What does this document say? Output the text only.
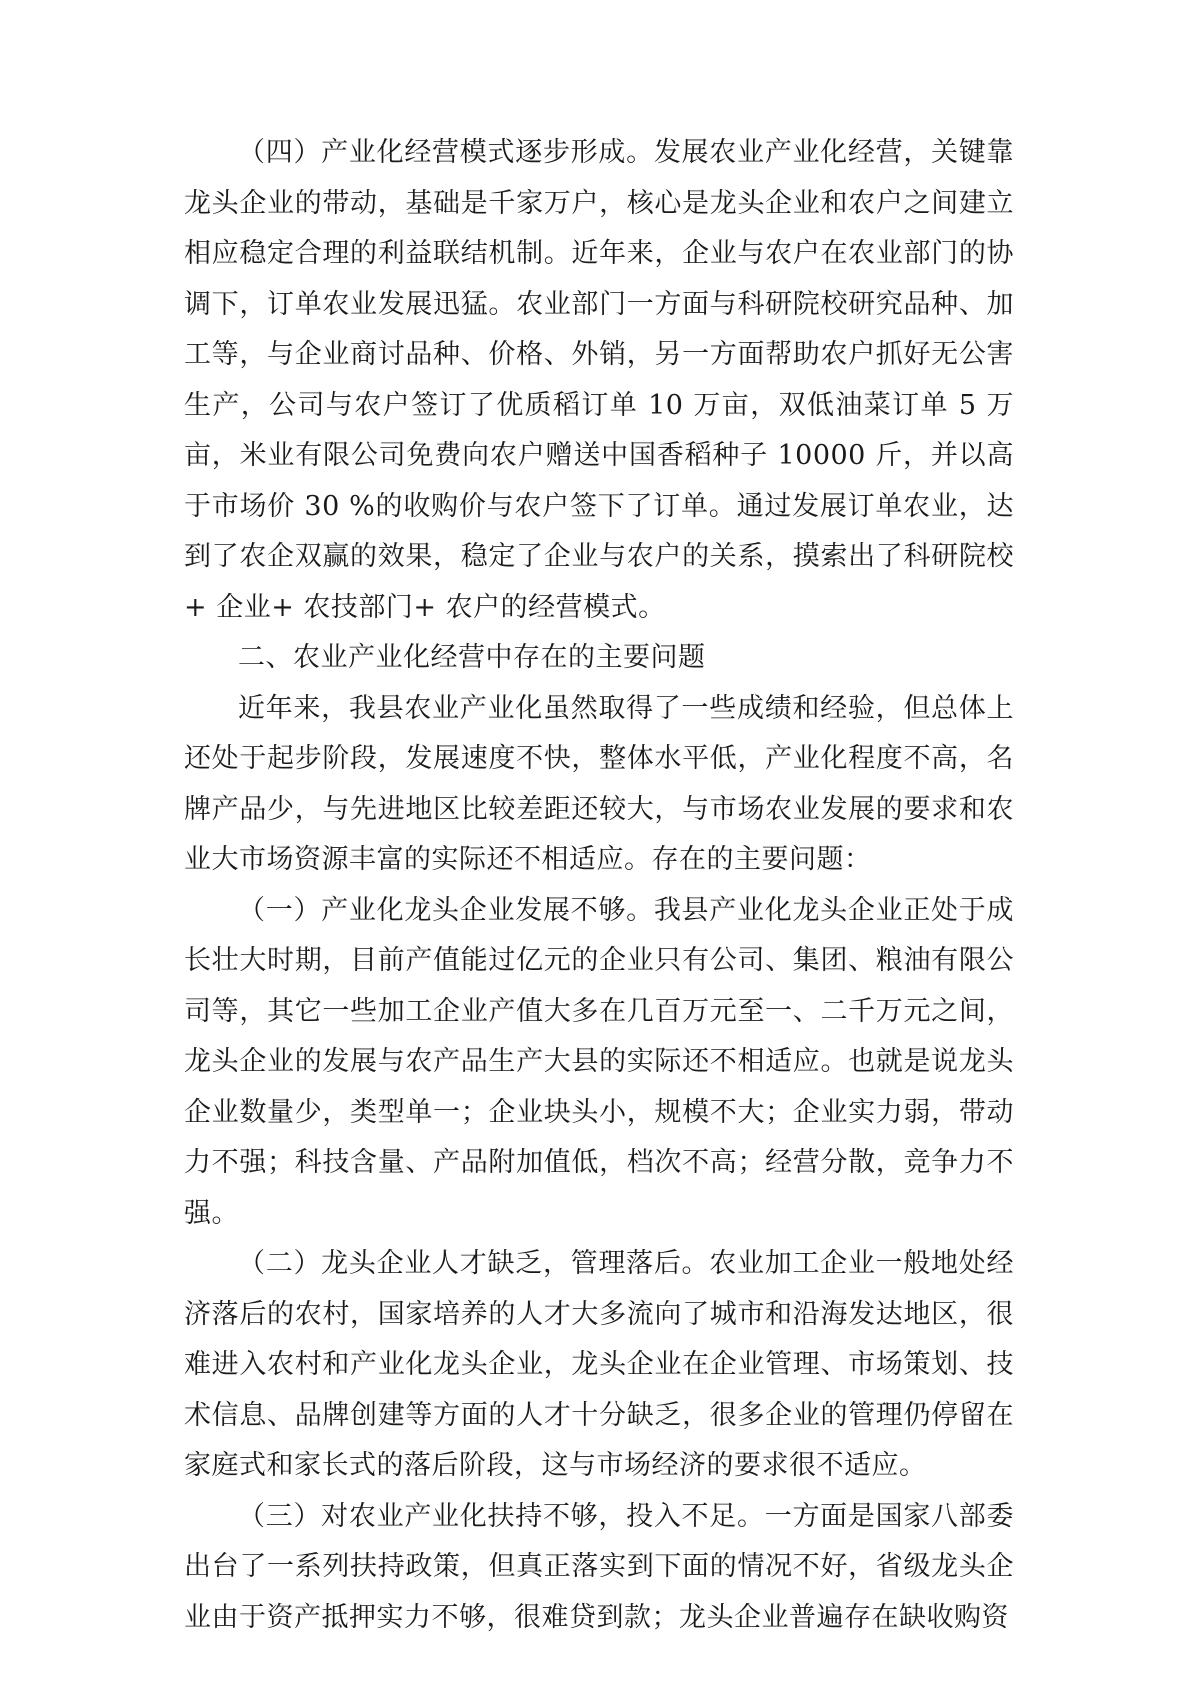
（四）产业化经营模式逐步形成。发展农业产业化经营，关键靠龙头企业的带动，基础是千家万户，核心是龙头企业和农户之间建立相应稳定合理的利益联结机制。近年来，企业与农户在农业部门的协调下，订单农业发展迅猛。农业部门一方面与科研院校研究品种、加工等，与企业商讨品种、价格、外销，另一方面帮助农户抓好无公害生产，公司与农户签订了优质稻订单 10 万亩，双低油菜订单 5 万亩，米业有限公司免费向农户赠送中国香稻种子 10000 斤，并以高于市场价 30 %的收购价与农户签下了订单。通过发展订单农业，达到了农企双赢的效果，稳定了企业与农户的关系，摸索出了科研院校+ 企业+ 农技部门+ 农户的经营模式。

二、农业产业化经营中存在的主要问题

近年来，我县农业产业化虽然取得了一些成绩和经验，但总体上还处于起步阶段，发展速度不快，整体水平低，产业化程度不高，名牌产品少，与先进地区比较差距还较大，与市场农业发展的要求和农业大市场资源丰富的实际还不相适应。存在的主要问题：

（一）产业化龙头企业发展不够。我县产业化龙头企业正处于成长壮大时期，目前产值能过亿元的企业只有公司、集团、粮油有限公司等，其它一些加工企业产值大多在几百万元至一、二千万元之间，龙头企业的发展与农产品生产大县的实际还不相适应。也就是说龙头企业数量少，类型单一；企业块头小，规模不大；企业实力弱，带动力不强；科技含量、产品附加值低，档次不高；经营分散，竞争力不强。

（二）龙头企业人才缺乏，管理落后。农业加工企业一般地处经济落后的农村，国家培养的人才大多流向了城市和沿海发达地区，很难进入农村和产业化龙头企业，龙头企业在企业管理、市场策划、技术信息、品牌创建等方面的人才十分缺乏，很多企业的管理仍停留在家庭式和家长式的落后阶段，这与市场经济的要求很不适应。

（三）对农业产业化扶持不够，投入不足。一方面是国家八部委出台了一系列扶持政策，但真正落实到下面的情况不好，省级龙头企业由于资产抵押实力不够，很难贷到款；龙头企业普遍存在缺收购资
